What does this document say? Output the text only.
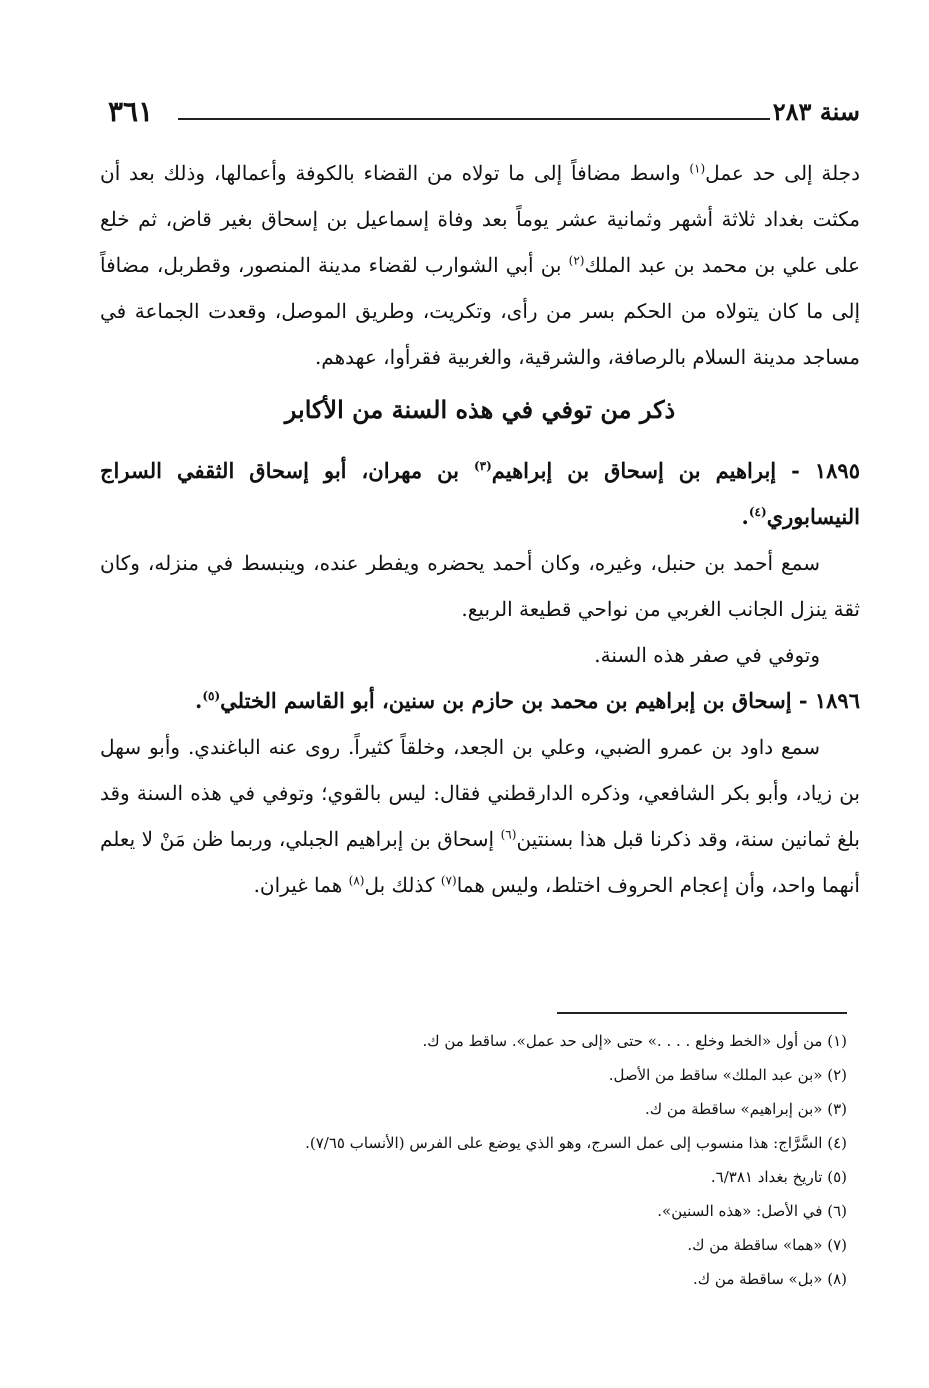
سنة ٢٨٣
٣٦١

دجلة إلى حد عمل$^{(١)}$ واسط مضافاً إلى ما تولاه من القضاء بالكوفة وأعمالها، وذلك بعد أن مكثت بغداد ثلاثة أشهر وثمانية عشر يوماً بعد وفاة إسماعيل بن إسحاق بغير قاض، ثم خلع على علي بن محمد بن عبد الملك$^{(٢)}$ بن أبي الشوارب لقضاء مدينة المنصور، وقطربل، مضافاً إلى ما كان يتولاه من الحكم بسر من رأى، وتكريت، وطريق الموصل، وقعدت الجماعة في مساجد مدينة السلام بالرصافة، والشرقية، والغربية فقرأوا، عهدهم.

ذكر من توفي في هذه السنة من الأكابر

١٨٩٥ - إبراهيم بن إسحاق بن إبراهيم$^{(٣)}$ بن مهران، أبو إسحاق الثقفي السراج النيسابوري$^{(٤)}$.

سمع أحمد بن حنبل، وغيره، وكان أحمد يحضره ويفطر عنده، وينبسط في منزله، وكان ثقة ينزل الجانب الغربي من نواحي قطيعة الربيع.

وتوفي في صفر هذه السنة.

١٨٩٦ - إسحاق بن إبراهيم بن محمد بن حازم بن سنين، أبو القاسم الختلي$^{(٥)}$.

سمع داود بن عمرو الضبي، وعلي بن الجعد، وخلقاً كثيراً. روى عنه الباغندي. وأبو سهل بن زياد، وأبو بكر الشافعي، وذكره الدارقطني فقال: ليس بالقوي؛ وتوفي في هذه السنة وقد بلغ ثمانين سنة، وقد ذكرنا قبل هذا بسنتين$^{(٦)}$ إسحاق بن إبراهيم الجبلي، وربما ظن مَنْ لا يعلم أنهما واحد، وأن إعجام الحروف اختلط، وليس هما$^{(٧)}$ كذلك بل$^{(٨)}$ هما غيران.

(١) من أول «الخط وخلع . . . .» حتى «إلى حد عمل». ساقط من ك.
(٢) «بن عبد الملك» ساقط من الأصل.
(٣) «بن إبراهيم» ساقطة من ك.
(٤) السَّرَّاج: هذا منسوب إلى عمل السرج، وهو الذي يوضع على الفرس (الأنساب ٧/٦٥).
(٥) تاريخ بغداد ٦/٣٨١.
(٦) في الأصل: «هذه السنين».
(٧) «هما» ساقطة من ك.
(٨) «بل» ساقطة من ك.
